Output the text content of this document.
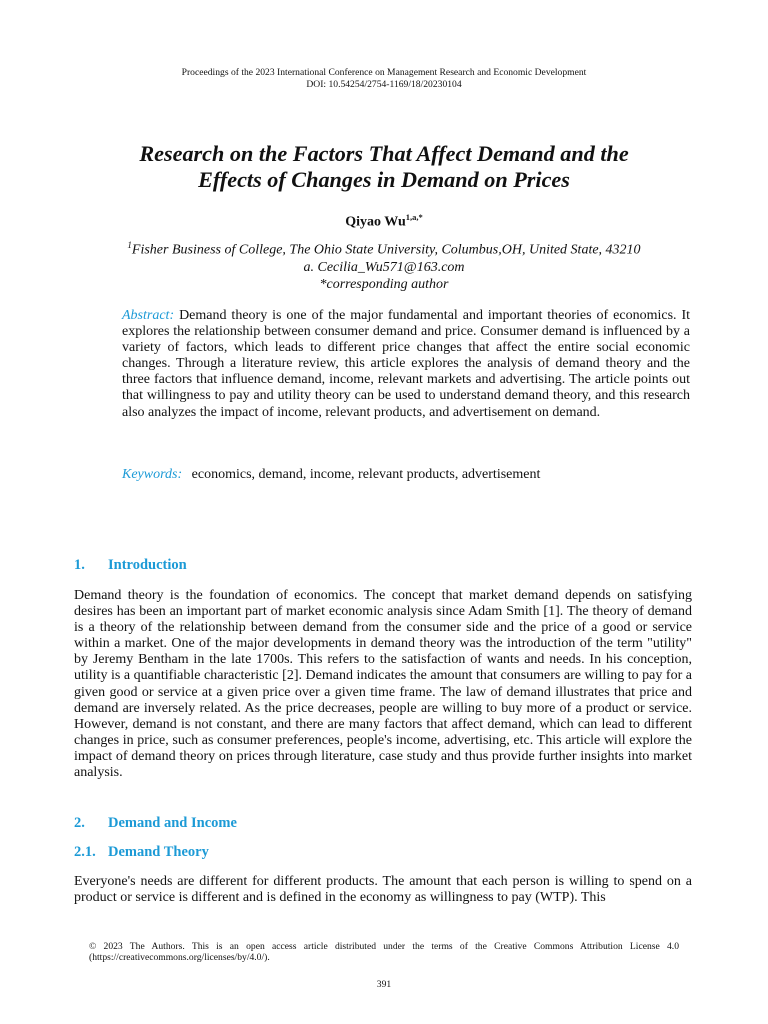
Proceedings of the 2023 International Conference on Management Research and Economic Development
DOI: 10.54254/2754-1169/18/20230104
Research on the Factors That Affect Demand and the
Effects of Changes in Demand on Prices
Qiyao $Wu^{1,a,*}$
$^1$Fisher Business of College, The Ohio State University, Columbus,OH, United State, 43210
a. Cecilia_Wu571@163.com
*corresponding author
Abstract: Demand theory is one of the major fundamental and important theories of economics. It explores the relationship between consumer demand and price. Consumer demand is influenced by a variety of factors, which leads to different price changes that affect the entire social economic changes. Through a literature review, this article explores the analysis of demand theory and the three factors that influence demand, income, relevant markets and advertising. The article points out that willingness to pay and utility theory can be used to understand demand theory, and this research also analyzes the impact of income, relevant products, and advertisement on demand.
Keywords: economics, demand, income, relevant products, advertisement
1. Introduction
Demand theory is the foundation of economics. The concept that market demand depends on satisfying desires has been an important part of market economic analysis since Adam Smith [1]. The theory of demand is a theory of the relationship between demand from the consumer side and the price of a good or service within a market. One of the major developments in demand theory was the introduction of the term "utility" by Jeremy Bentham in the late 1700s. This refers to the satisfaction of wants and needs. In his conception, utility is a quantifiable characteristic [2]. Demand indicates the amount that consumers are willing to pay for a given good or service at a given price over a given time frame. The law of demand illustrates that price and demand are inversely related. As the price decreases, people are willing to buy more of a product or service. However, demand is not constant, and there are many factors that affect demand, which can lead to different changes in price, such as consumer preferences, people's income, advertising, etc. This article will explore the impact of demand theory on prices through literature, case study and thus provide further insights into market analysis.
2. Demand and Income
2.1. Demand Theory
Everyone's needs are different for different products. The amount that each person is willing to spend on a product or service is different and is defined in the economy as willingness to pay (WTP). This
© 2023 The Authors. This is an open access article distributed under the terms of the Creative Commons Attribution License 4.0 (https://creativecommons.org/licenses/by/4.0/).
391
